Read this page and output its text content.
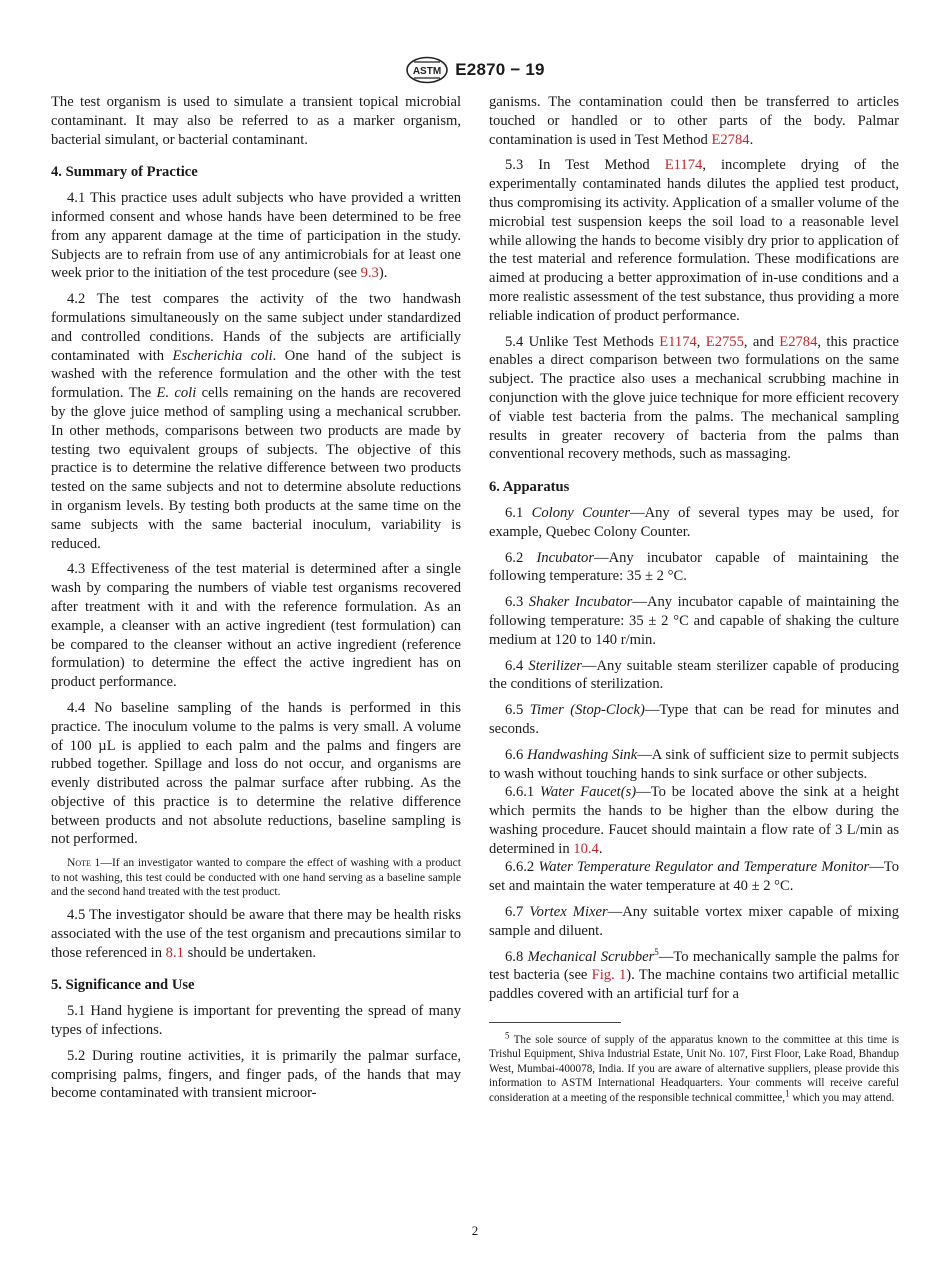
ASTM E2870 − 19

The test organism is used to simulate a transient topical microbial contaminant. It may also be referred to as a marker organism, bacterial simulant, or bacterial contaminant.

4. Summary of Practice

4.1 This practice uses adult subjects who have provided a written informed consent and whose hands have been determined to be free from any apparent damage at the time of participation in the study. Subjects are to refrain from use of any antimicrobials for at least one week prior to the initiation of the test procedure (see 9.3).

4.2 The test compares the activity of the two handwash formulations simultaneously on the same subject under standardized and controlled conditions. Hands of the subjects are artificially contaminated with Escherichia coli. One hand of the subject is washed with the reference formulation and the other with the test formulation. The E. coli cells remaining on the hands are recovered by the glove juice method of sampling using a mechanical scrubber. In other methods, comparisons between two products are made by testing two equivalent groups of subjects. The objective of this practice is to determine the relative difference between two products tested on the same subjects and not to determine absolute reductions in organism levels. By testing both products at the same time on the same subjects with the same bacterial inoculum, variability is reduced.

4.3 Effectiveness of the test material is determined after a single wash by comparing the numbers of viable test organisms recovered after treatment with it and with the reference formulation. As an example, a cleanser with an active ingredient (test formulation) can be compared to the cleanser without an active ingredient (reference formulation) to determine the effect the active ingredient has on product performance.

4.4 No baseline sampling of the hands is performed in this practice. The inoculum volume to the palms is very small. A volume of 100 µL is applied to each palm and the palms and fingers are rubbed together. Spillage and loss do not occur, and organisms are evenly distributed across the palmar surface after rubbing. As the objective of this practice is to determine the relative difference between products and not absolute reductions, baseline sampling is not performed.

Note 1—If an investigator wanted to compare the effect of washing with a product to not washing, this test could be conducted with one hand serving as a baseline sample and the second hand treated with the test product.

4.5 The investigator should be aware that there may be health risks associated with the use of the test organism and precautions similar to those referenced in 8.1 should be undertaken.

5. Significance and Use

5.1 Hand hygiene is important for preventing the spread of many types of infections.

5.2 During routine activities, it is primarily the palmar surface, comprising palms, fingers, and finger pads, of the hands that may become contaminated with transient microor-

ganisms. The contamination could then be transferred to articles touched or handled or to other parts of the body. Palmar contamination is used in Test Method E2784.

5.3 In Test Method E1174, incomplete drying of the experimentally contaminated hands dilutes the applied test product, thus compromising its activity. Application of a smaller volume of the microbial test suspension keeps the soil load to a reasonable level while allowing the hands to become visibly dry prior to application of the test material and reference formulation. These modifications are aimed at producing a better approximation of in-use conditions and a more realistic assessment of the test substance, thus providing a more reliable indication of product performance.

5.4 Unlike Test Methods E1174, E2755, and E2784, this practice enables a direct comparison between two formulations on the same subject. The practice also uses a mechanical scrubbing machine in conjunction with the glove juice technique for more efficient recovery of viable test bacteria from the palms. The mechanical sampling results in greater recovery of bacteria from the palms than conventional recovery methods, such as massaging.

6. Apparatus

6.1 Colony Counter—Any of several types may be used, for example, Quebec Colony Counter.

6.2 Incubator—Any incubator capable of maintaining the following temperature: 35 ± 2 °C.

6.3 Shaker Incubator—Any incubator capable of maintaining the following temperature: 35 ± 2 °C and capable of shaking the culture medium at 120 to 140 r/min.

6.4 Sterilizer—Any suitable steam sterilizer capable of producing the conditions of sterilization.

6.5 Timer (Stop-Clock)—Type that can be read for minutes and seconds.

6.6 Handwashing Sink—A sink of sufficient size to permit subjects to wash without touching hands to sink surface or other subjects.

6.6.1 Water Faucet(s)—To be located above the sink at a height which permits the hands to be higher than the elbow during the washing procedure. Faucet should maintain a flow rate of 3 L/min as determined in 10.4.

6.6.2 Water Temperature Regulator and Temperature Monitor—To set and maintain the water temperature at 40 ± 2 °C.

6.7 Vortex Mixer—Any suitable vortex mixer capable of mixing sample and diluent.

6.8 Mechanical Scrubber$^5$—To mechanically sample the palms for test bacteria (see Fig. 1). The machine contains two artificial metallic paddles covered with an artificial turf for a

$^5$ The sole source of supply of the apparatus known to the committee at this time is Trishul Equipment, Shiva Industrial Estate, Unit No. 107, First Floor, Lake Road, Bhandup West, Mumbai-400078, India. If you are aware of alternative suppliers, please provide this information to ASTM International Headquarters. Your comments will receive careful consideration at a meeting of the responsible technical committee,$^1$ which you may attend.

2
